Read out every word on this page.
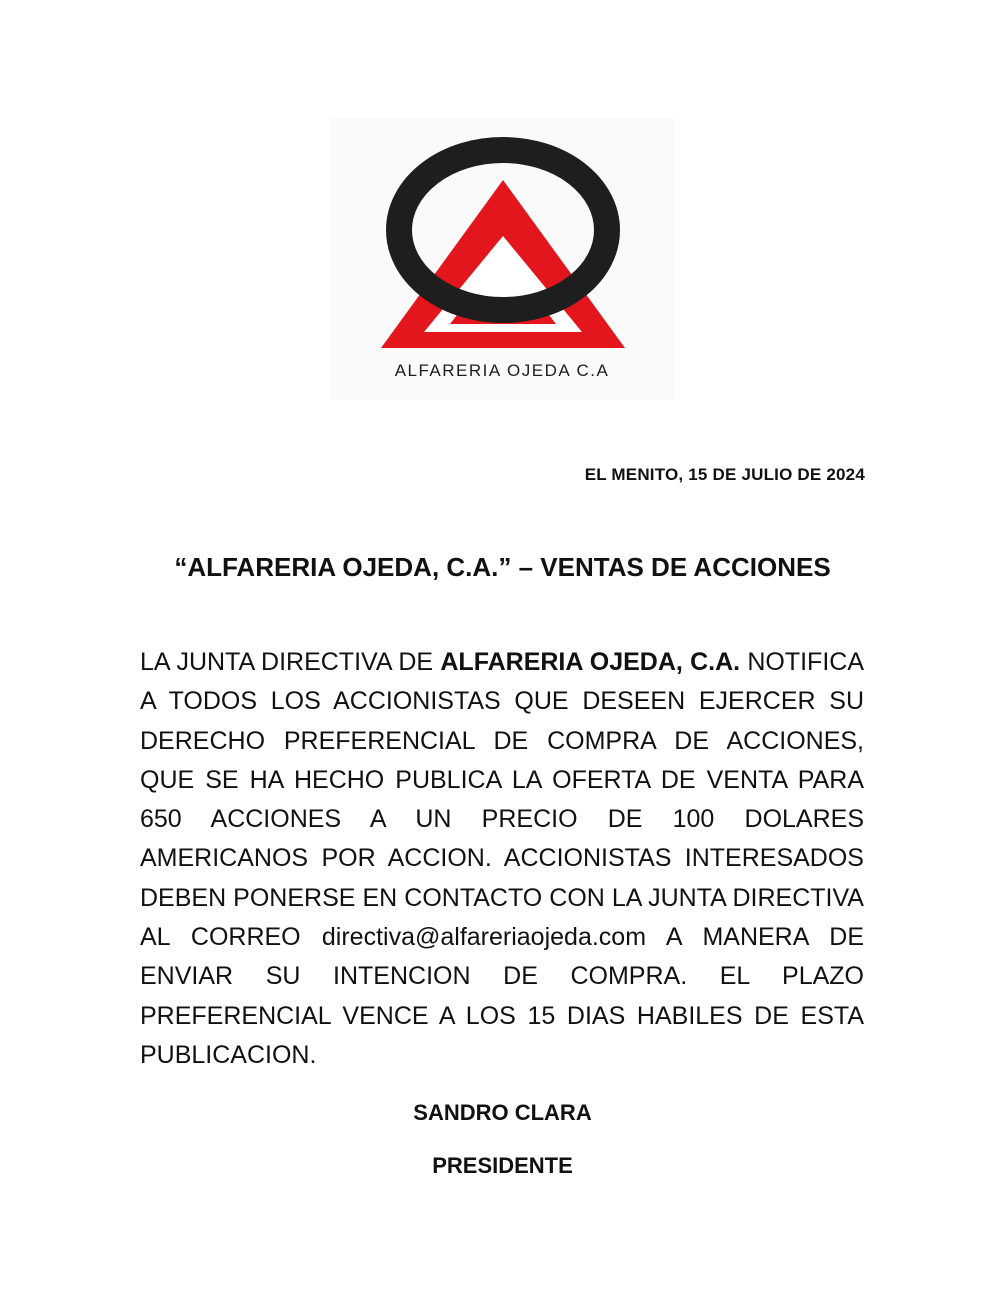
ALFARERIA OJEDA C.A
EL MENITO, 15 DE JULIO DE 2024
“ALFARERIA OJEDA, C.A.” – VENTAS DE ACCIONES
LA JUNTA DIRECTIVA DE ALFARERIA OJEDA, C.A. NOTIFICA A TODOS LOS ACCIONISTAS QUE DESEEN EJERCER SU DERECHO PREFERENCIAL DE COMPRA DE ACCIONES, QUE SE HA HECHO PUBLICA LA OFERTA DE VENTA PARA 650 ACCIONES A UN PRECIO DE 100 DOLARES AMERICANOS POR ACCION. ACCIONISTAS INTERESADOS DEBEN PONERSE EN CONTACTO CON LA JUNTA DIRECTIVA AL CORREO directiva@alfareriaojeda.com A MANERA DE ENVIAR SU INTENCION DE COMPRA. EL PLAZO PREFERENCIAL VENCE A LOS 15 DIAS HABILES DE ESTA PUBLICACION.
SANDRO CLARA
PRESIDENTE
